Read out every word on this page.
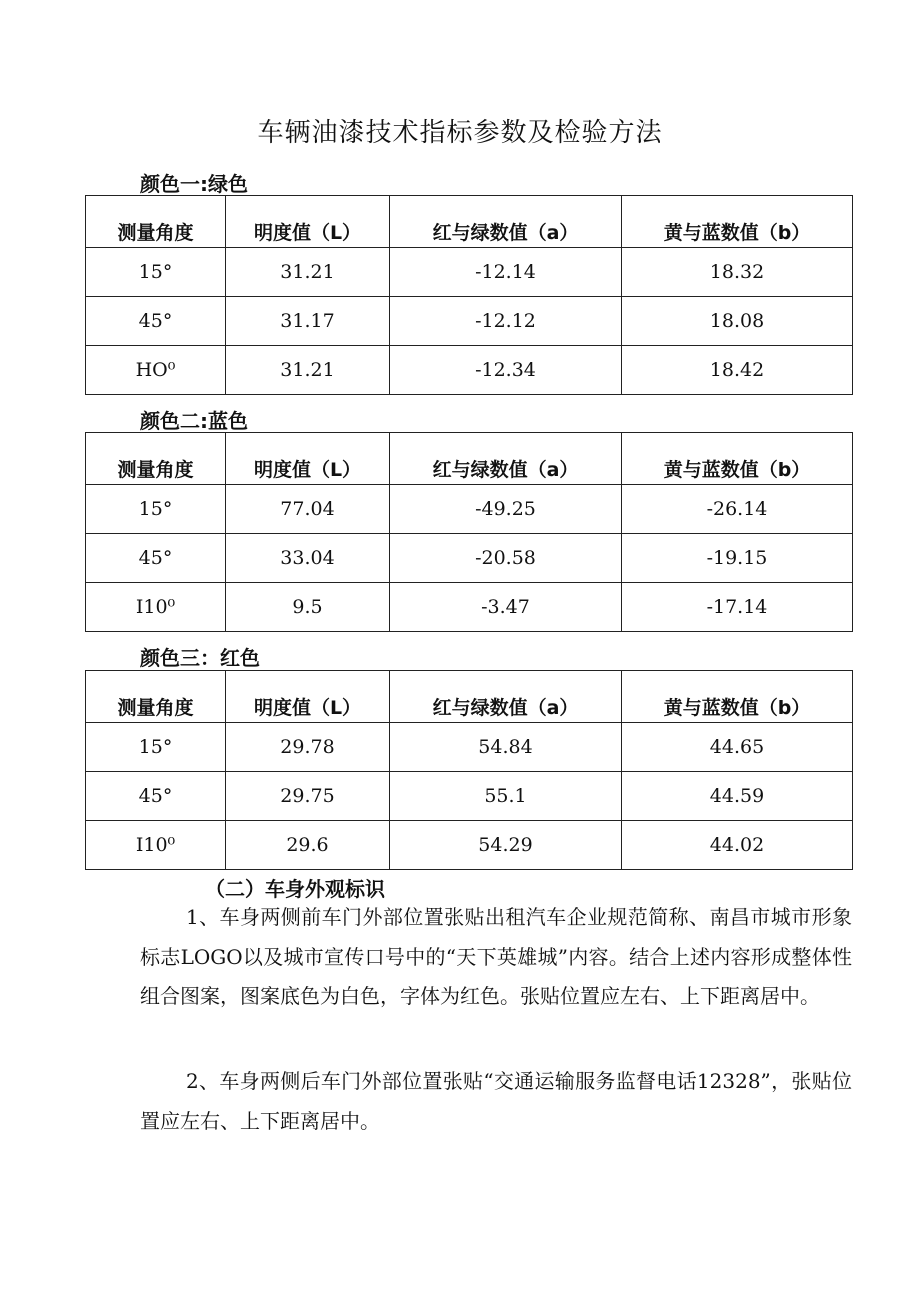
车辆油漆技术指标参数及检验方法
颜色一:绿色
测量角度	明度值（L）	红与绿数值（a）	黄与蓝数值（b）
15°	31.21	-12.14	18.32
45°	31.17	-12.12	18.08
HO⁰	31.21	-12.34	18.42
颜色二:蓝色
测量角度	明度值（L）	红与绿数值（a）	黄与蓝数值（b）
15°	77.04	-49.25	-26.14
45°	33.04	-20.58	-19.15
I10⁰	9.5	-3.47	-17.14
颜色三：红色
测量角度	明度值（L）	红与绿数值（a）	黄与蓝数值（b）
15°	29.78	54.84	44.65
45°	29.75	55.1	44.59
I10⁰	29.6	54.29	44.02
（二）车身外观标识

1、车身两侧前车门外部位置张贴出租汽车企业规范简称、南昌市城市形象标志LOGO以及城市宣传口号中的“天下英雄城”内容。结合上述内容形成整体性组合图案，图案底色为白色，字体为红色。张贴位置应左右、上下距离居中。

2、车身两侧后车门外部位置张贴“交通运输服务监督电话12328”，张贴位置应左右、上下距离居中。
